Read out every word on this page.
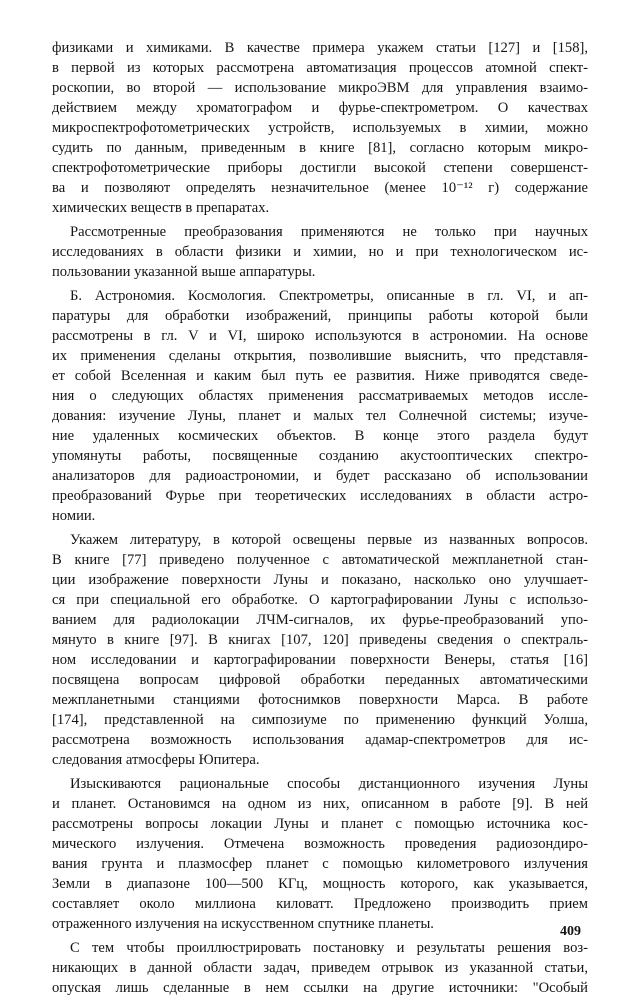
физиками и химиками. В качестве примера укажем статьи [127] и [158],
в первой из которых рассмотрена автоматизация процессов атомной спект-
роскопии, во второй — использование микроЭВМ для управления взаимо-
действием между хроматографом и фурье-спектрометром. О качествах
микроспектрофотометрических устройств, используемых в химии, можно
судить по данным, приведенным в книге [81], согласно которым микро-
спектрофотометрические приборы достигли высокой степени совершенст-
ва и позволяют определять незначительное (менее 10⁻¹² г) содержание
химических веществ в препаратах.
Рассмотренные преобразования применяются не только при научных
исследованиях в области физики и химии, но и при технологическом ис-
пользовании указанной выше аппаратуры.
Б. Астрономия. Космология. Спектрометры, описанные в гл. VI, и ап-
паратуры для обработки изображений, принципы работы которой были
рассмотрены в гл. V и VI, широко используются в астрономии. На основе
их применения сделаны открытия, позволившие выяснить, что представля-
ет собой Вселенная и каким был путь ее развития. Ниже приводятся сведе-
ния о следующих областях применения рассматриваемых методов иссле-
дования: изучение Луны, планет и малых тел Солнечной системы; изуче-
ние удаленных космических объектов. В конце этого раздела будут
упомянуты работы, посвященные созданию акустооптических спектро-
анализаторов для радиоастрономии, и будет рассказано об использовании
преобразований Фурье при теоретических исследованиях в области астро-
номии.
Укажем литературу, в которой освещены первые из названных вопросов.
В книге [77] приведено полученное с автоматической межпланетной стан-
ции изображение поверхности Луны и показано, насколько оно улучшает-
ся при специальной его обработке. О картографировании Луны с использо-
ванием для радиолокации ЛЧМ-сигналов, их фурье-преобразований упо-
мянуто в книге [97]. В книгах [107, 120] приведены сведения о спектраль-
ном исследовании и картографировании поверхности Венеры, статья [16]
посвящена вопросам цифровой обработки переданных автоматическими
межпланетными станциями фотоснимков поверхности Марса. В работе
[174], представленной на симпозиуме по применению функций Уолша,
рассмотрена возможность использования адамар-спектрометров для ис-
следования атмосферы Юпитера.
Изыскиваются рациональные способы дистанционного изучения Луны
и планет. Остановимся на одном из них, описанном в работе [9]. В ней
рассмотрены вопросы локации Луны и планет с помощью источника кос-
мического излучения. Отмечена возможность проведения радиозондиро-
вания грунта и плазмосфер планет с помощью километрового излучения
Земли в диапазоне 100—500 КГц, мощность которого, как указывается,
составляет около миллиона киловатт. Предложено производить прием
отраженного излучения на искусственном спутнике планеты.
С тем чтобы проиллюстрировать постановку и результаты решения воз-
никающих в данной области задач, приведем отрывок из указанной статьи,
опуская лишь сделанные в нем ссылки на другие источники: "Особый
409
